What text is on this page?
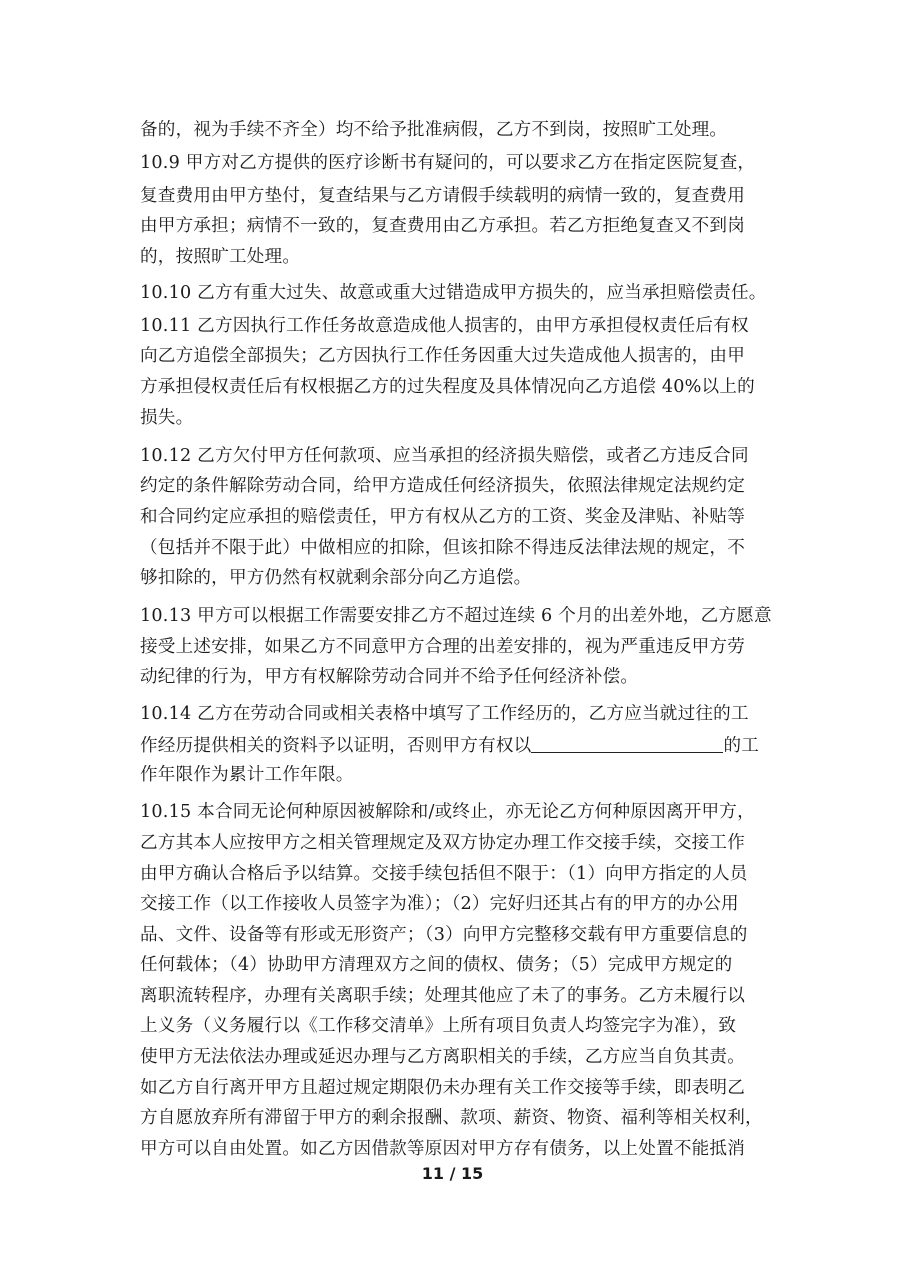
备的，视为手续不齐全）均不给予批准病假，乙方不到岗，按照旷工处理。
10.9 甲方对乙方提供的医疗诊断书有疑问的，可以要求乙方在指定医院复查，
复查费用由甲方垫付，复查结果与乙方请假手续载明的病情一致的，复查费用
由甲方承担；病情不一致的，复查费用由乙方承担。若乙方拒绝复查又不到岗
的，按照旷工处理。
10.10 乙方有重大过失、故意或重大过错造成甲方损失的，应当承担赔偿责任。
10.11 乙方因执行工作任务故意造成他人损害的，由甲方承担侵权责任后有权
向乙方追偿全部损失；乙方因执行工作任务因重大过失造成他人损害的，由甲
方承担侵权责任后有权根据乙方的过失程度及具体情况向乙方追偿 40%以上的
损失。
10.12 乙方欠付甲方任何款项、应当承担的经济损失赔偿，或者乙方违反合同
约定的条件解除劳动合同，给甲方造成任何经济损失，依照法律规定法规约定
和合同约定应承担的赔偿责任，甲方有权从乙方的工资、奖金及津贴、补贴等
（包括并不限于此）中做相应的扣除，但该扣除不得违反法律法规的规定，不
够扣除的，甲方仍然有权就剩余部分向乙方追偿。
10.13 甲方可以根据工作需要安排乙方不超过连续 6 个月的出差外地，乙方愿意
接受上述安排，如果乙方不同意甲方合理的出差安排的，视为严重违反甲方劳
动纪律的行为，甲方有权解除劳动合同并不给予任何经济补偿。
10.14 乙方在劳动合同或相关表格中填写了工作经历的，乙方应当就过往的工
作经历提供相关的资料予以证明，否则甲方有权以	的工
作年限作为累计工作年限。
10.15 本合同无论何种原因被解除和/或终止，亦无论乙方何种原因离开甲方，
乙方其本人应按甲方之相关管理规定及双方协定办理工作交接手续，交接工作
由甲方确认合格后予以结算。交接手续包括但不限于：（1）向甲方指定的人员
交接工作（以工作接收人员签字为准）；（2）完好归还其占有的甲方的办公用
品、文件、设备等有形或无形资产；（3）向甲方完整移交载有甲方重要信息的
任何载体；（4）协助甲方清理双方之间的债权、债务；（5）完成甲方规定的
离职流转程序，办理有关离职手续；处理其他应了未了的事务。乙方未履行以
上义务（义务履行以《工作移交清单》上所有项目负责人均签完字为准），致
使甲方无法依法办理或延迟办理与乙方离职相关的手续，乙方应当自负其责。
如乙方自行离开甲方且超过规定期限仍未办理有关工作交接等手续，即表明乙
方自愿放弃所有滞留于甲方的剩余报酬、款项、薪资、物资、福利等相关权利，
甲方可以自由处置。如乙方因借款等原因对甲方存有债务，以上处置不能抵消
11 / 15
